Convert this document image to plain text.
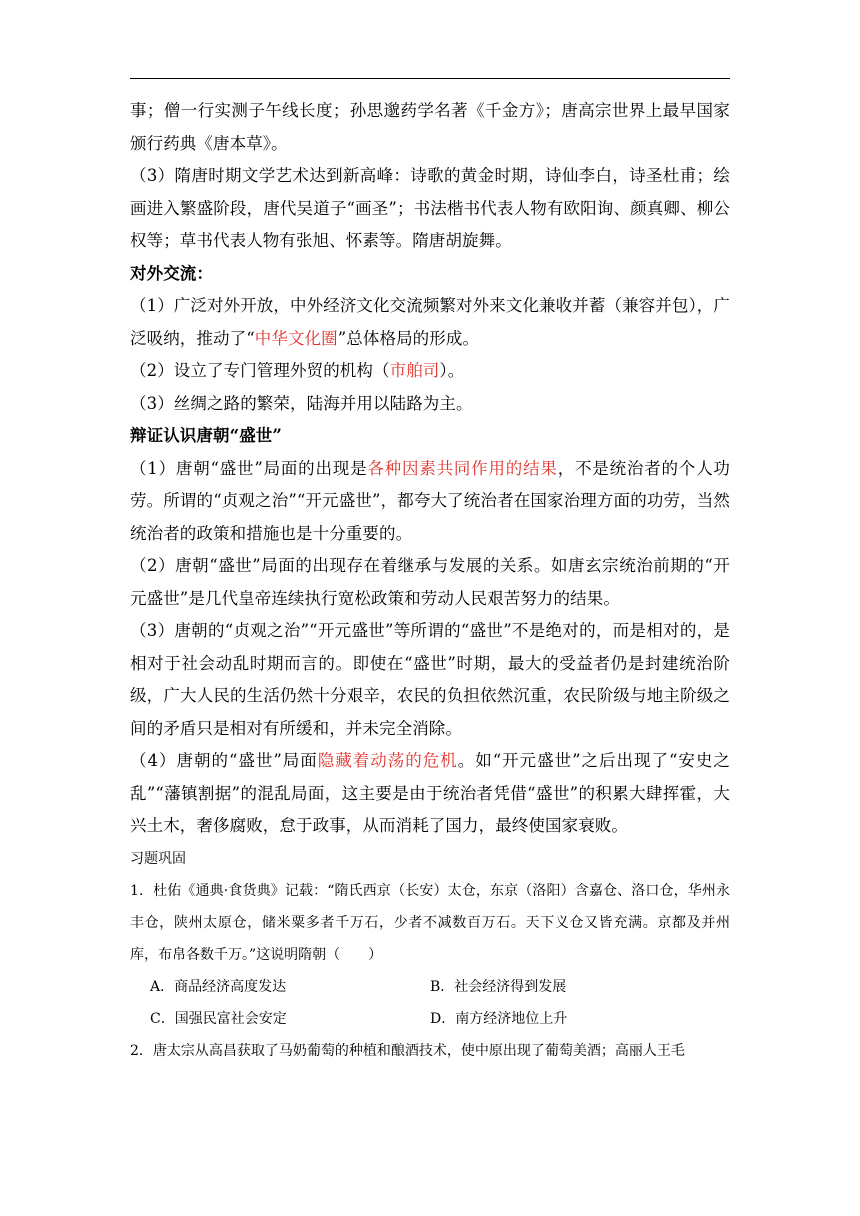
事；僧一行实测子午线长度；孙思邈药学名著《千金方》；唐高宗世界上最早国家颁行药典《唐本草》。

（3）隋唐时期文学艺术达到新高峰：诗歌的黄金时期，诗仙李白，诗圣杜甫；绘画进入繁盛阶段，唐代吴道子“画圣”；书法楷书代表人物有欧阳询、颜真卿、柳公权等；草书代表人物有张旭、怀素等。隋唐胡旋舞。

对外交流：

（1）广泛对外开放，中外经济文化交流频繁对外来文化兼收并蓄（兼容并包），广泛吸纳，推动了“中华文化圈”总体格局的形成。

（2）设立了专门管理外贸的机构（市舶司）。

（3）丝绸之路的繁荣，陆海并用以陆路为主。

辩证认识唐朝“盛世”

（1）唐朝“盛世”局面的出现是各种因素共同作用的结果，不是统治者的个人功劳。所谓的“贞观之治”“开元盛世”，都夸大了统治者在国家治理方面的功劳，当然统治者的政策和措施也是十分重要的。

（2）唐朝“盛世”局面的出现存在着继承与发展的关系。如唐玄宗统治前期的“开元盛世”是几代皇帝连续执行宽松政策和劳动人民艰苦努力的结果。

（3）唐朝的“贞观之治”“开元盛世”等所谓的“盛世”不是绝对的，而是相对的，是相对于社会动乱时期而言的。即使在“盛世”时期，最大的受益者仍是封建统治阶级，广大人民的生活仍然十分艰辛，农民的负担依然沉重，农民阶级与地主阶级之间的矛盾只是相对有所缓和，并未完全消除。

（4）唐朝的“盛世”局面隐藏着动荡的危机。如“开元盛世”之后出现了“安史之乱”“藩镇割据”的混乱局面，这主要是由于统治者凭借“盛世”的积累大肆挥霍，大兴土木，奢侈腐败，怠于政事，从而消耗了国力，最终使国家衰败。

习题巩固

1．杜佑《通典·食货典》记载：“隋氏西京（长安）太仓，东京（洛阳）含嘉仓、洛口仓，华州永丰仓，陕州太原仓，储米粟多者千万石，少者不减数百万石。天下义仓又皆充满。京都及并州库，布帛各数千万。”这说明隋朝（　　）

A．商品经济高度发达	B．社会经济得到发展
C．国强民富社会安定	D．南方经济地位上升

2．唐太宗从高昌获取了马奶葡萄的种植和酿酒技术，使中原出现了葡萄美酒；高丽人王毛
